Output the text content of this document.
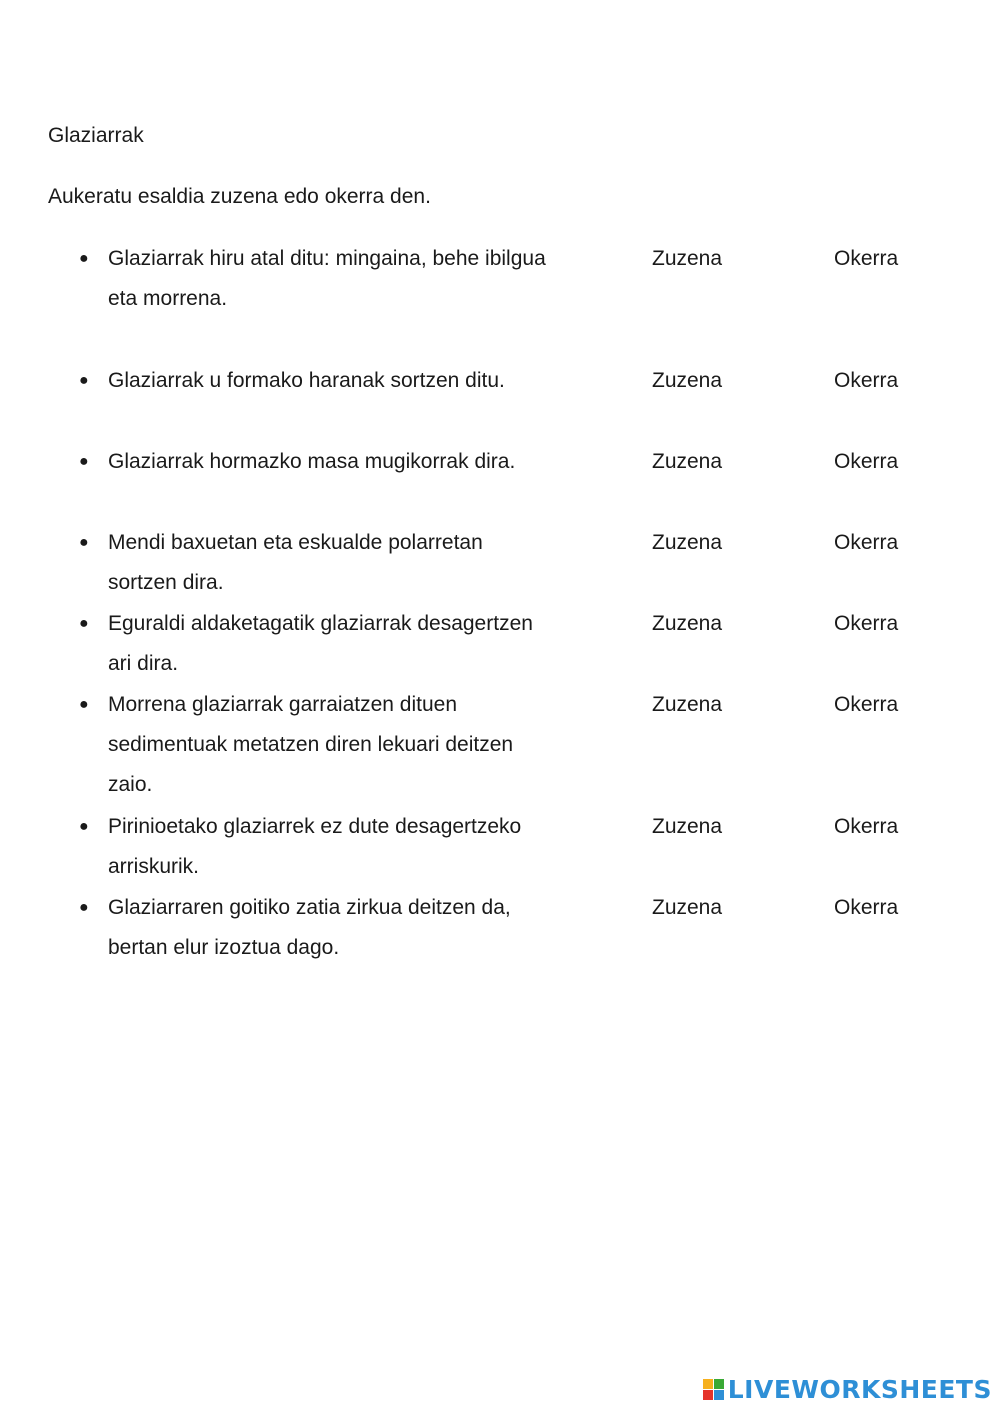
Glaziarrak

Aukeratu esaldia zuzena edo okerra den.

● Glaziarrak hiru atal ditu: mingaina, behe ibilgua
eta morrena.
Zuzena	Okerra
● Glaziarrak u formako haranak sortzen ditu.	Zuzena	Okerra
● Glaziarrak hormazko masa mugikorrak dira.	Zuzena	Okerra
● Mendi baxuetan eta eskualde polarretan
sortzen dira.
Zuzena	Okerra
● Eguraldi aldaketagatik glaziarrak desagertzen
ari dira.
Zuzena	Okerra
● Morrena glaziarrak garraiatzen dituen
sedimentuak metatzen diren lekuari deitzen
zaio.
Zuzena	Okerra
● Pirinioetako glaziarrek ez dute desagertzeko
arriskurik.
Zuzena	Okerra
● Glaziarraren goitiko zatia zirkua deitzen da,
bertan elur izoztua dago.
Zuzena	Okerra
LIVEWORKSHEETS
